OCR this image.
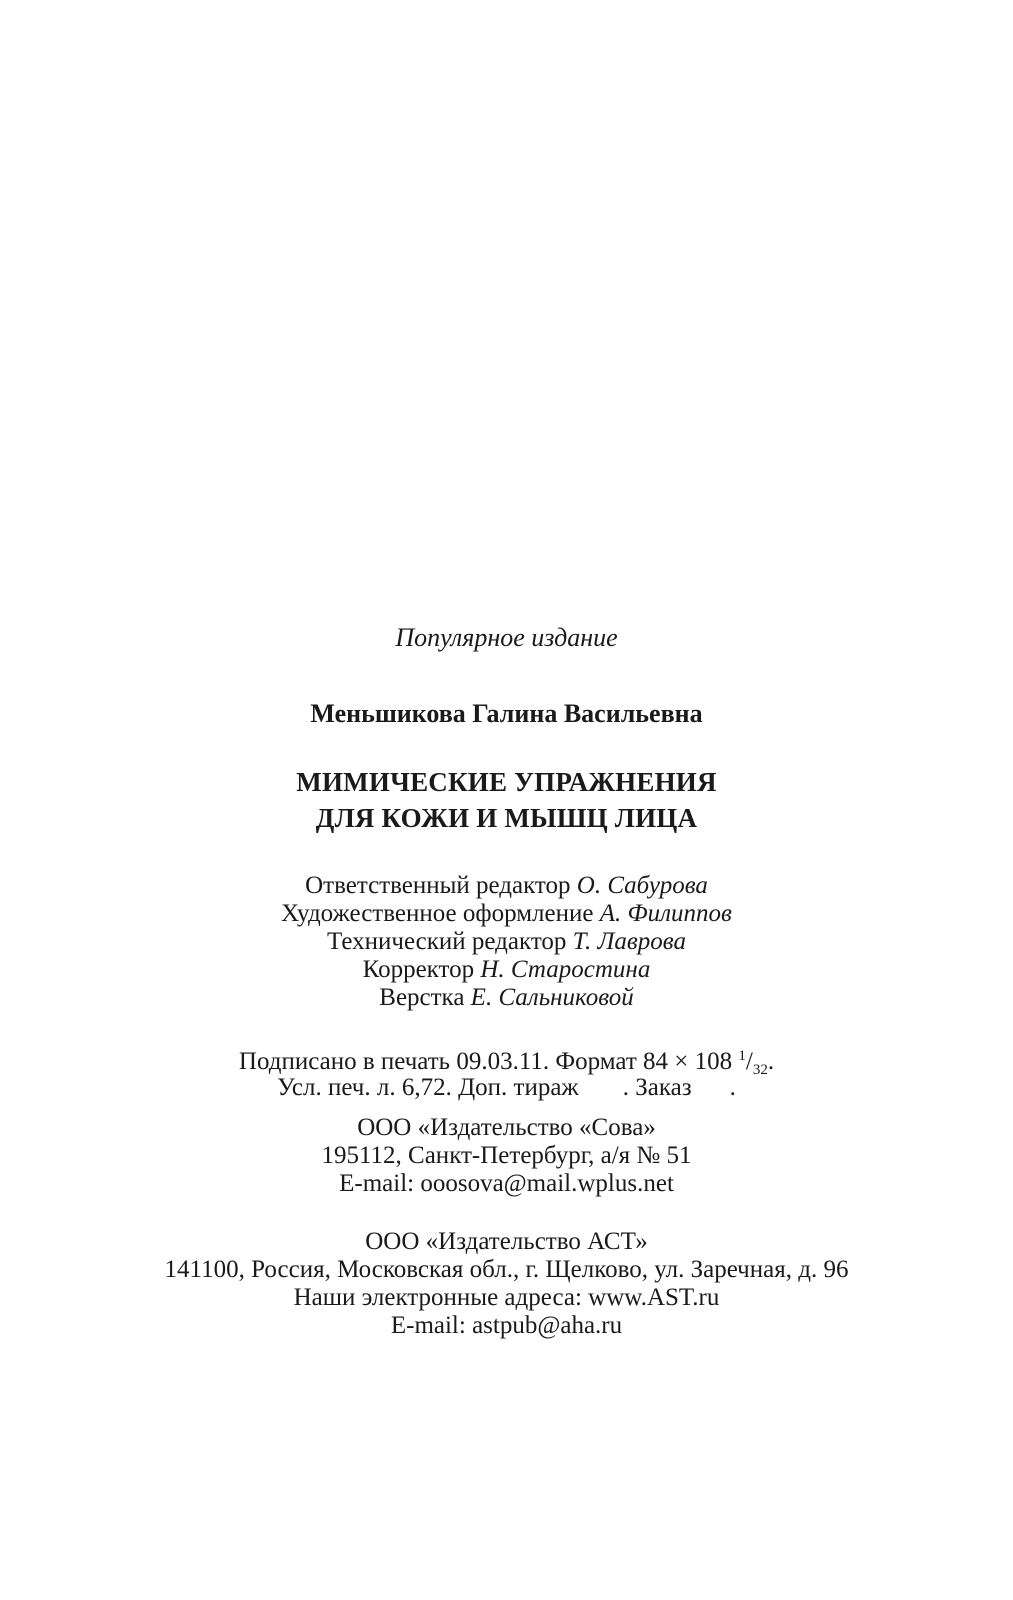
Популярное издание
Меньшикова Галина Васильевна
МИМИЧЕСКИЕ УПРАЖНЕНИЯ
ДЛЯ КОЖИ И МЫШЦ ЛИЦА
Ответственный редактор О. Сабурова
Художественное оформление А. Филиппов
Технический редактор Т. Лаврова
Корректор Н. Старостина
Верстка Е. Сальниковой
Подписано в печать 09.03.11. Формат 84 × 108 $^1/_{32}$.
Усл. печ. л. 6,72. Доп. тираж . Заказ .
ООО «Издательство «Сова»
195112, Санкт-Петербург, а/я № 51
E-mail: ooosova@mail.wplus.net
ООО «Издательство АСТ»
141100, Россия, Московская обл., г. Щелково, ул. Заречная, д. 96
Наши электронные адреса: www.AST.ru
E-mail: astpub@aha.ru
